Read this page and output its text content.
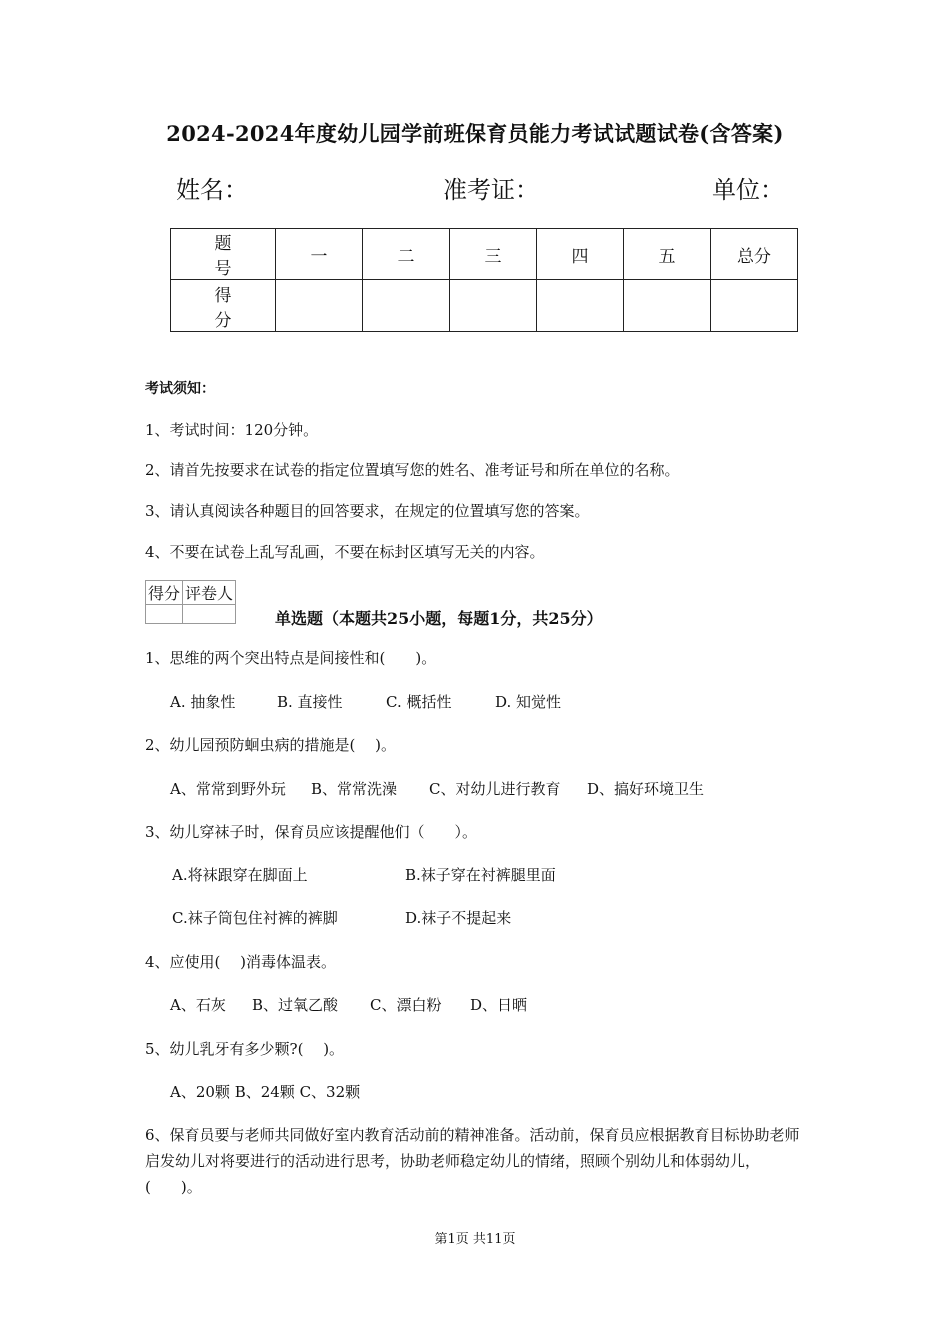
2024-2024年度幼儿园学前班保育员能力考试试题试卷(含答案)
姓名：	准考证：	单位：
题 号	一	二	三	四	五	总分
得 分						
考试须知：
1、考试时间：120分钟。
2、请首先按要求在试卷的指定位置填写您的姓名、准考证号和所在单位的名称。
3、请认真阅读各种题目的回答要求，在规定的位置填写您的答案。
4、不要在试卷上乱写乱画，不要在标封区填写无关的内容。
得分	评卷人

单选题（本题共25小题，每题1分，共25分）
1、思维的两个突出特点是间接性和(　　)。
A. 抽象性	B. 直接性	C. 概括性	D. 知觉性
2、幼儿园预防蛔虫病的措施是(　 )。
A、常常到野外玩 B、常常洗澡 C、对幼儿进行教育 D、搞好环境卫生
3、幼儿穿袜子时，保育员应该提醒他们（　　）。
A.将袜跟穿在脚面上	B.袜子穿在衬裤腿里面
C.袜子筒包住衬裤的裤脚	D.袜子不提起来
4、应使用(　 )消毒体温表。
A、石灰 B、过氧乙酸 C、漂白粉 D、日晒
5、幼儿乳牙有多少颗?(　 )。
A、20颗 B、24颗 C、32颗
6、保育员要与老师共同做好室内教育活动前的精神准备。活动前，保育员应根据教育目标协助老师启发幼儿对将要进行的活动进行思考，协助老师稳定幼儿的情绪，照顾个别幼儿和体弱幼儿，(　　)。
第1页 共11页
